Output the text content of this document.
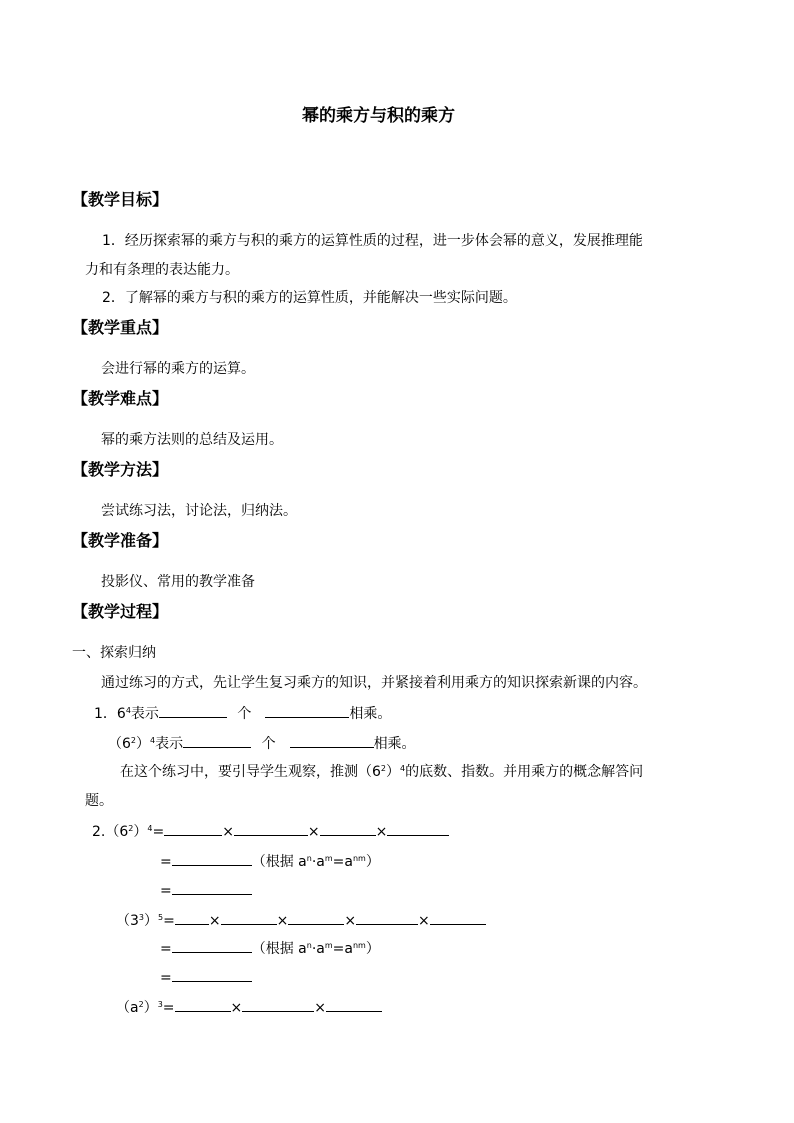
幂的乘方与积的乘方
【教学目标】
1．经历探索幂的乘方与积的乘方的运算性质的过程，进一步体会幂的意义，发展推理能
力和有条理的表达能力。
2．了解幂的乘方与积的乘方的运算性质，并能解决一些实际问题。
【教学重点】
会进行幂的乘方的运算。
【教学难点】
幂的乘方法则的总结及运用。
【教学方法】
尝试练习法，讨论法，归纳法。
【教学准备】
投影仪、常用的教学准备
【教学过程】
一、探索归纳
通过练习的方式，先让学生复习乘方的知识，并紧接着利用乘方的知识探索新课的内容。
1．$6^4$表示	个	相乘。
$(6^2)^4$表示	个	相乘。
在这个练习中，要引导学生观察，推测$(6^2)^4$的底数、指数。并用乘方的概念解答问
题。
$2.(6^2)^4=$	×	×	×
=	（根据 $a^n\cdot a^m=a^{nm}$）
=
$(3^3)^5=$ ×	×	×	×
=	（根据 $a^n\cdot a^m=a^{nm}$）
=
$(a^2)^3=$	×	×
